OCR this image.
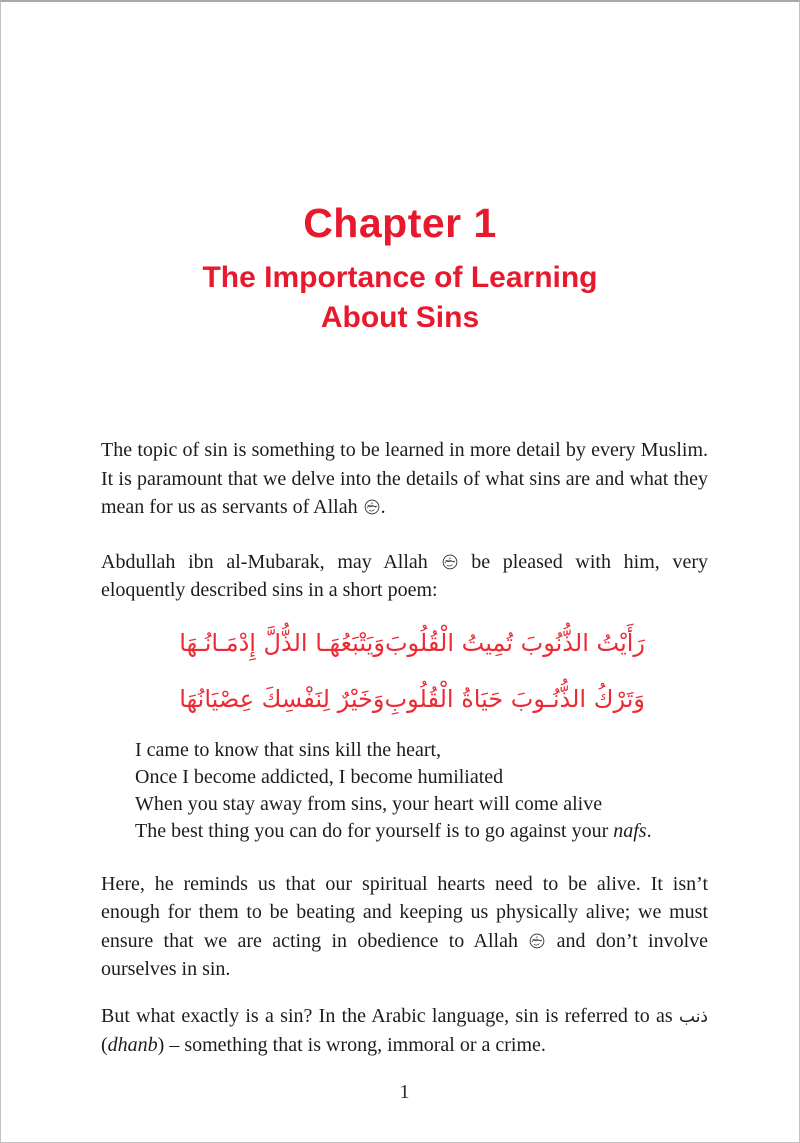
Chapter 1
The Importance of Learning
About Sins

The topic of sin is something to be learned in more detail by every Muslim. It is paramount that we delve into the details of what sins are and what they mean for us as servants of Allah .

Abdullah ibn al-Mubarak, may Allah  be pleased with him, very eloquently described sins in a short poem:

رَأَيْتُ الذُّنُوبَ تُمِيتُ الْقُلُوبَ
وَيَتْبَعُهَـا الذُّلَّ إِدْمَـانُـهَا
وَتَرْكُ الذُّنُـوبَ حَيَاةُ الْقُلُوبِ
وَخَيْرٌ لِنَفْسِكَ عِصْيَانُهَا
I came to know that sins kill the heart,
Once I become addicted, I become humiliated
When you stay away from sins, your heart will come alive
The best thing you can do for yourself is to go against your nafs.

Here, he reminds us that our spiritual hearts need to be alive. It isn’t enough for them to be beating and keeping us physically alive; we must ensure that we are acting in obedience to Allah  and don’t involve ourselves in sin.

But what exactly is a sin? In the Arabic language, sin is referred to as ذنب (dhanb) – something that is wrong, immoral or a crime.

1
